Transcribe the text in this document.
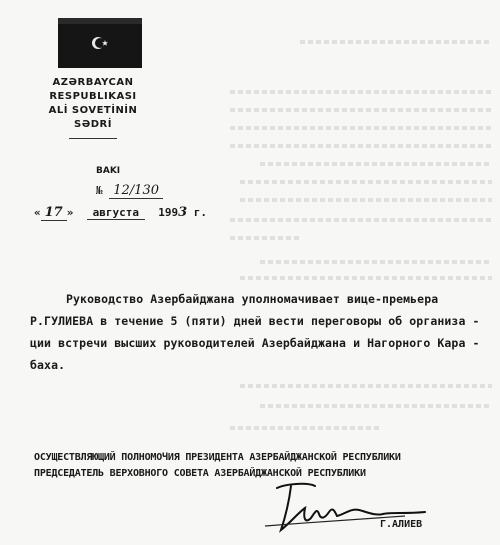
AZƏRBAYCAN RESPUBLIKASI
ALİ SOVETİNİN
SƏDRİ
BAKI
№ 12/130
« 17 » августа 1993 г.
Руководство Азербайджана уполномачивает вице-премьера
Р.ГУЛИЕВА в течение 5 (пяти) дней вести переговоры об организа -
ции встречи высших руководителей Азербайджана и Нагорного Кара -
баха.
ОСУЩЕСТВЛЯЮЩИЙ ПОЛНОМОЧИЯ ПРЕЗИДЕНТА АЗЕРБАЙДЖАНСКОЙ РЕСПУБЛИКИ
ПРЕДСЕДАТЕЛЬ ВЕРХОВНОГО СОВЕТА АЗЕРБАЙДЖАНСКОЙ РЕСПУБЛИКИ
Г.АЛИЕВ
